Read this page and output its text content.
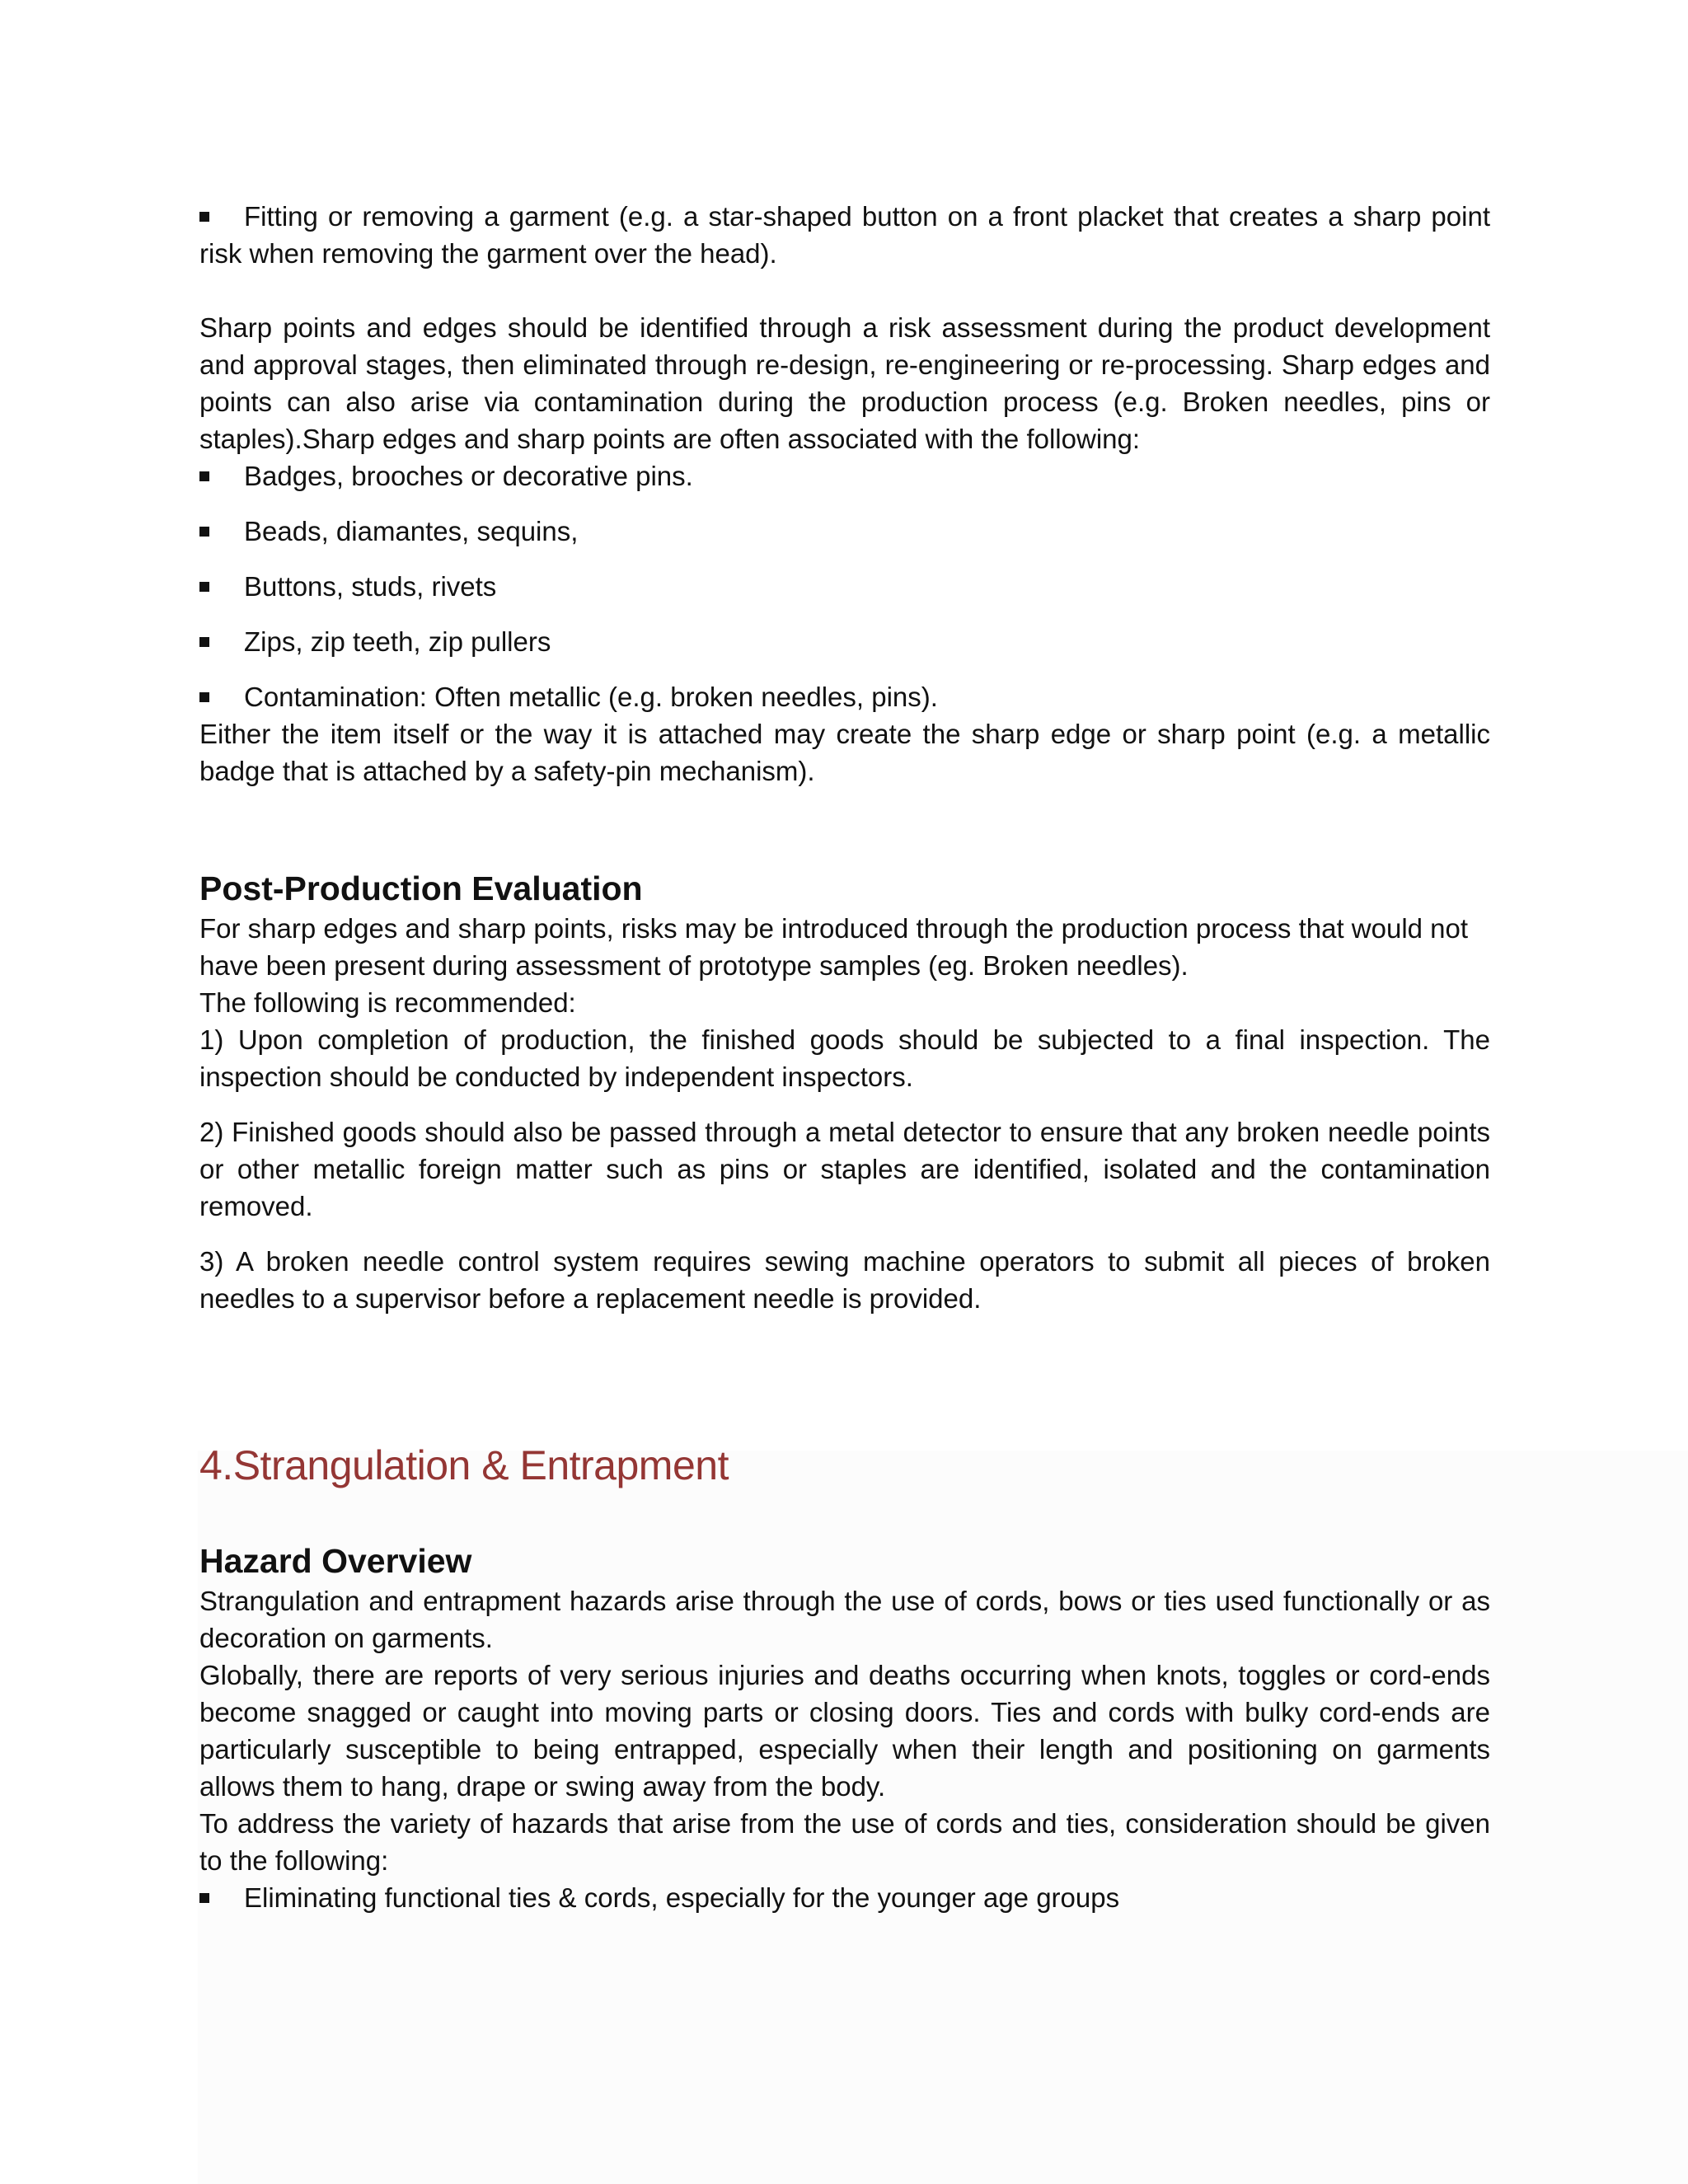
Fitting or removing a garment (e.g. a star-shaped button on a front placket that creates a sharp point risk when removing the garment over the head).

Sharp points and edges should be identified through a risk assessment during the product development and approval stages, then eliminated through re-design, re-engineering or re-processing. Sharp edges and points can also arise via contamination during the production process (e.g. Broken needles, pins or staples).Sharp edges and sharp points are often associated with the following:

Badges, brooches or decorative pins.
Beads, diamantes, sequins,
Buttons, studs, rivets
Zips, zip teeth, zip pullers
Contamination: Often metallic (e.g. broken needles, pins).

Either the item itself or the way it is attached may create the sharp edge or sharp point (e.g. a metallic badge that is attached by a safety-pin mechanism).

Post-Production Evaluation

For sharp edges and sharp points, risks may be introduced through the production process that would not have been present during assessment of prototype samples (eg. Broken needles).

The following is recommended:

1) Upon completion of production, the finished goods should be subjected to a final inspection. The inspection should be conducted by independent inspectors.

2) Finished goods should also be passed through a metal detector to ensure that any broken needle points or other metallic foreign matter such as pins or staples are identified, isolated and the contamination removed.

3) A broken needle control system requires sewing machine operators to submit all pieces of broken needles to a supervisor before a replacement needle is provided.

4.Strangulation & Entrapment
Hazard Overview

Strangulation and entrapment hazards arise through the use of cords, bows or ties used functionally or as decoration on garments.

Globally, there are reports of very serious injuries and deaths occurring when knots, toggles or cord-ends become snagged or caught into moving parts or closing doors. Ties and cords with bulky cord-ends are particularly susceptible to being entrapped, especially when their length and positioning on garments allows them to hang, drape or swing away from the body.

To address the variety of hazards that arise from the use of cords and ties, consideration should be given to the following:

Eliminating functional ties & cords, especially for the younger age groups
